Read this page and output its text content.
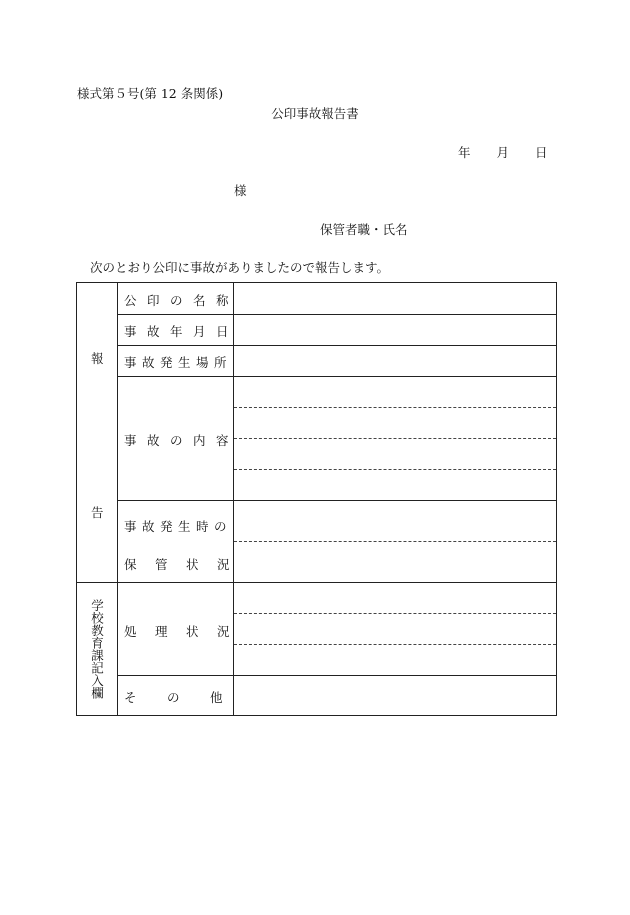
様式第５号(第 12 条関係)
公印事故報告書
年 月 日
様
保管者職・氏名
次のとおり公印に事故がありましたので報告します。
報
告
学校教育課記入欄
公印の名称
事故年月日
事故発生場所
事故の内容
事故発生時の
保管状況
処理状況
その他
